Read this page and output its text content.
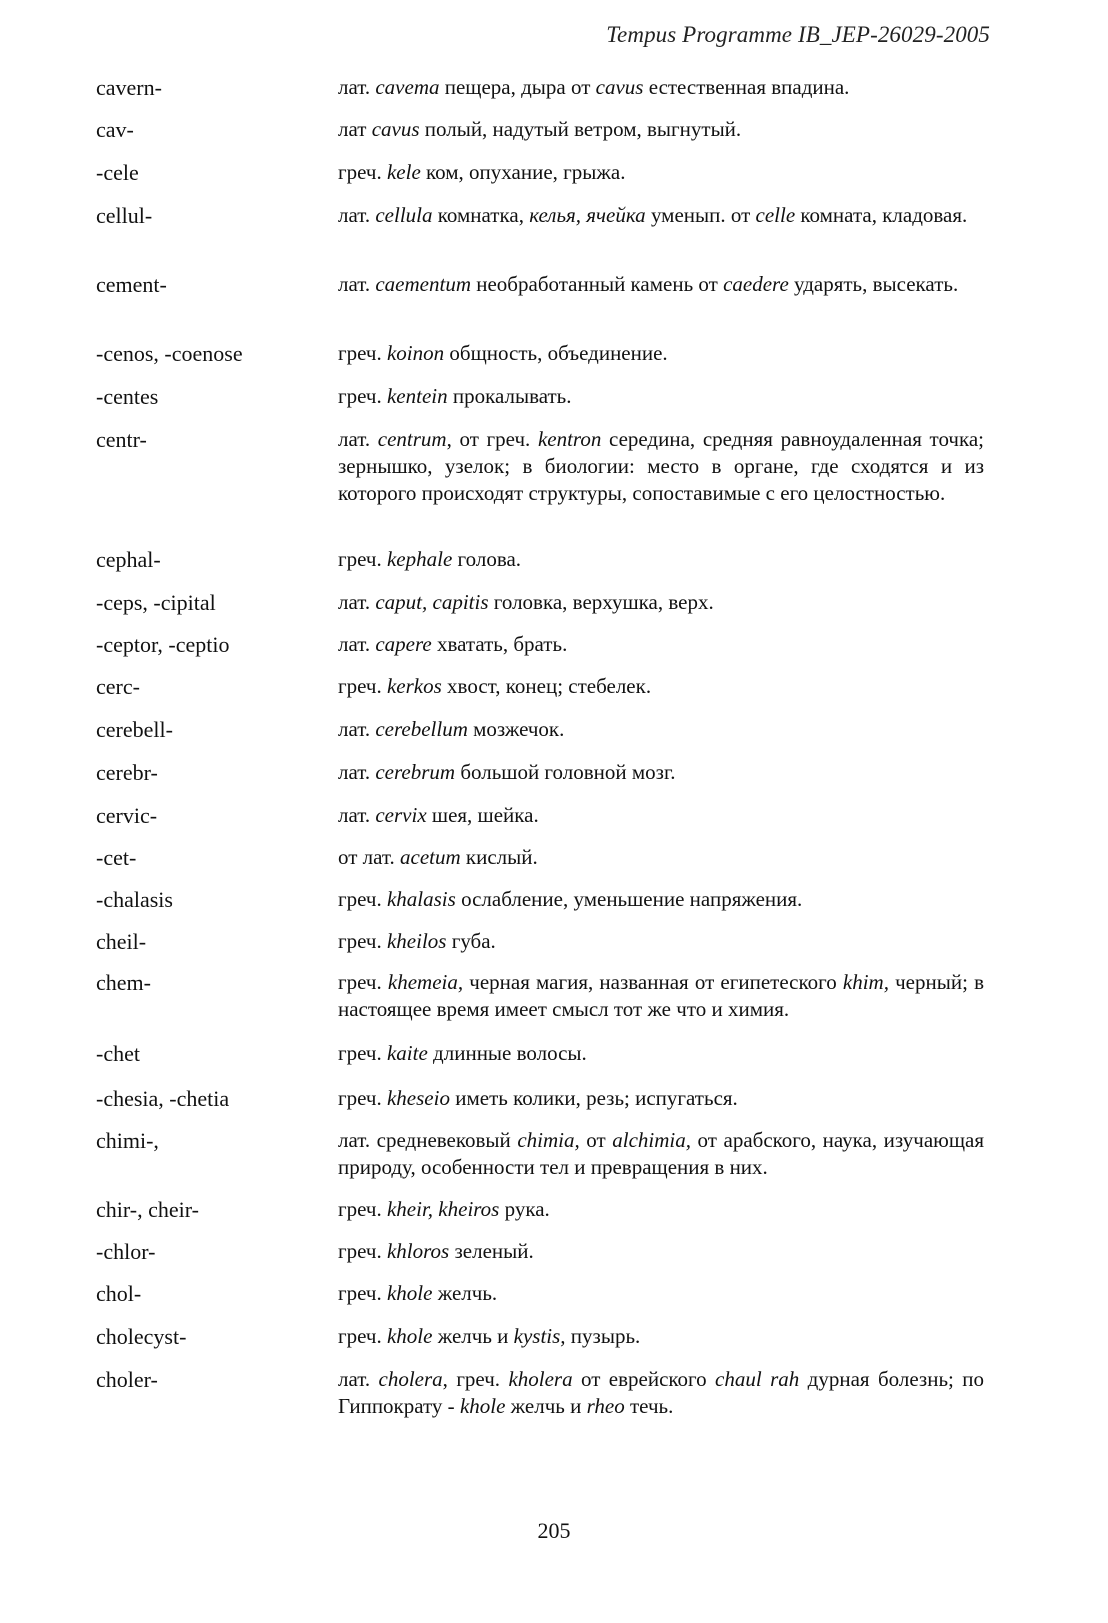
Tempus Programme IB_JEP-26029-2005
cavern-	лат. cavema пещера, дыра от cavus естественная впадина.
cav-	лат cavus полый, надутый ветром, выгнутый.
-cele	греч. kele ком, опухание, грыжа.
cellul-	лат. cellula комнатка, келья, ячейка уменып. от celle комната, кладовая.
cement-	лат. caementum необработанный камень от caedere ударять, высекать.
-cenos, -coenose	греч. koinon общность, объединение.
-centes	греч. kentein прокалывать.
centr-	лат. centrum, от греч. kentron середина, средняя равноудаленная точка; зернышко, узелок; в биологии: место в органе, где сходятся и из которого происходят структуры, сопоставимые с его целостностью.
cephal-	греч. kephale голова.
-ceps, -cipital	лат. caput, capitis головка, верхушка, верх.
-ceptor, -ceptio	лат. capere хватать, брать.
cerc-	греч. kerkos хвост, конец; стебелек.
cerebell-	лат. cerebellum мозжечок.
cerebr-	лат. cerebrum большой головной мозг.
cervic-	лат. cervix шея, шейка.
-cet-	от лат. acetum кислый.
-chalasis	греч. khalasis ослабление, уменьшение напряжения.
cheil-	греч. kheilos губа.
chem-	греч. khemeia, черная магия, названная от египетеского khim, черный; в настоящее время имеет смысл тот же что и химия.
-chet	греч. kaite длинные волосы.
-chesia, -chetia	греч. kheseio иметь колики, резь; испугаться.
chimi-,	лат. средневековый chimia, от alchimia, от арабского, наука, изучающая природу, особенности тел и превращения в них.
chir-, cheir-	греч. kheir, kheiros рука.
-chlor-	греч. khloros зеленый.
chol-	греч. khole желчь.
cholecyst-	греч. khole желчь и kystis, пузырь.
choler-	лат. cholera, греч. kholera от еврейского chaul rah дурная болезнь; по Гиппократу - khole желчь и rheo течь.
205
